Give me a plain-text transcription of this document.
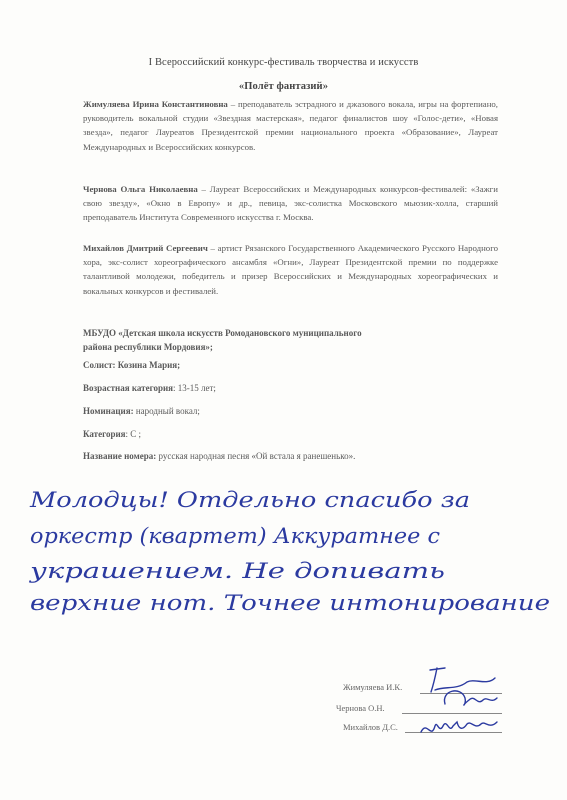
I Всероссийский конкурс-фестиваль творчества и искусств
«Полёт фантазий»
Жимуляева Ирина Константиновна – преподаватель эстрадного и джазового вокала, игры на фортепиано, руководитель вокальной студии «Звездная мастерская», педагог финалистов шоу «Голос-дети», «Новая звезда», педагог Лауреатов Президентской премии национального проекта «Образование», Лауреат Международных и Всероссийских конкурсов.
Чернова Ольга Николаевна – Лауреат Всероссийских и Международных конкурсов-фестивалей: «Зажги свою звезду», «Окно в Европу» и др., певица, экс-солистка Московского мьюзик-холла, старший преподаватель Института Современного искусства г. Москва.
Михайлов Дмитрий Сергеевич – артист Рязанского Государственного Академического Русского Народного хора, экс-солист хореографического ансамбля «Огни», Лауреат Президентской премии по поддержке талантливой молодежи, победитель и призер Всероссийских и Международных хореографических и вокальных конкурсов и фестивалей.
МБУДО «Детская школа искусств Ромодановского муниципального района республики Мордовия»;
Солист: Козина Мария;
Возрастная категория: 13-15 лет;
Номинация: народный вокал;
Категория: С ;
Название номера: русская народная песня «Ой встала я ранешенько».
Молодцы! Отдельно спасибо за
оркестр (квартет) Аккуратнее с
украшением. Не допивать
верхние нот. Точнее интонирование
Жимуляева И.К.
Чернова О.Н.
Михайлов Д.С.
